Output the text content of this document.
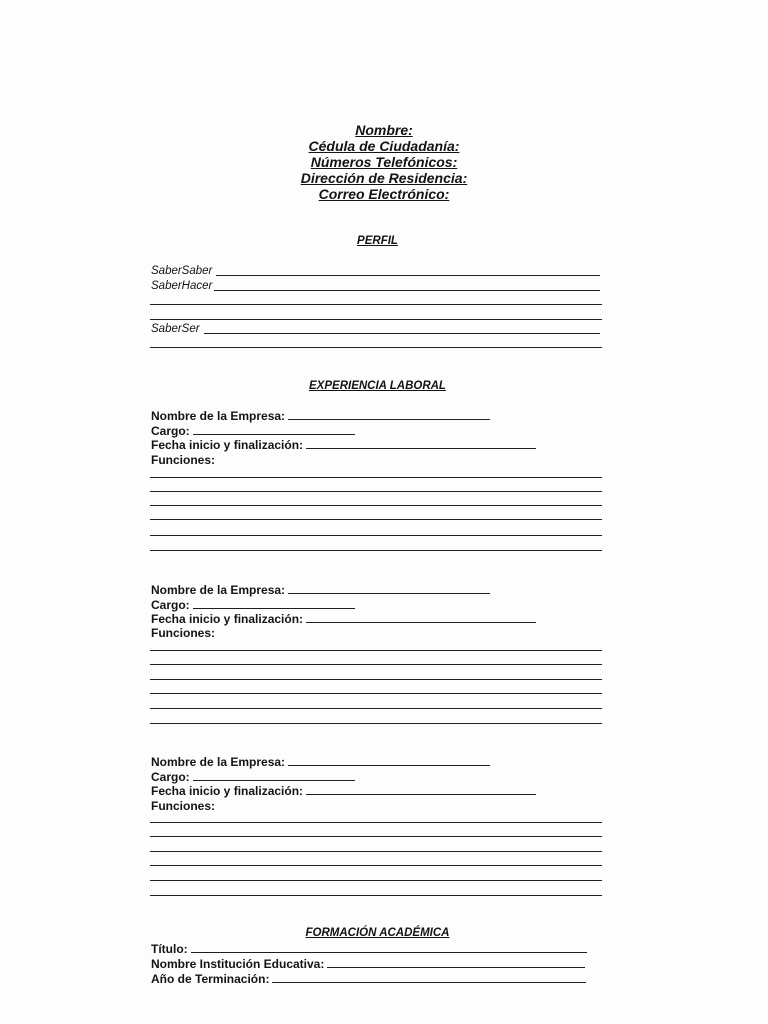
Nombre:
Cédula de Ciudadanía:
Números Telefónicos:
Dirección de Residencia:
Correo Electrónico:
PERFIL
SaberSaber
SaberHacer
SaberSer
EXPERIENCIA LABORAL
Nombre de la Empresa:
Cargo:
Fecha inicio y finalización:
Funciones:
Nombre de la Empresa:
Cargo:
Fecha inicio y finalización:
Funciones:
Nombre de la Empresa:
Cargo:
Fecha inicio y finalización:
Funciones:
FORMACIÓN ACADÉMICA
Título:
Nombre Institución Educativa:
Año de Terminación:
